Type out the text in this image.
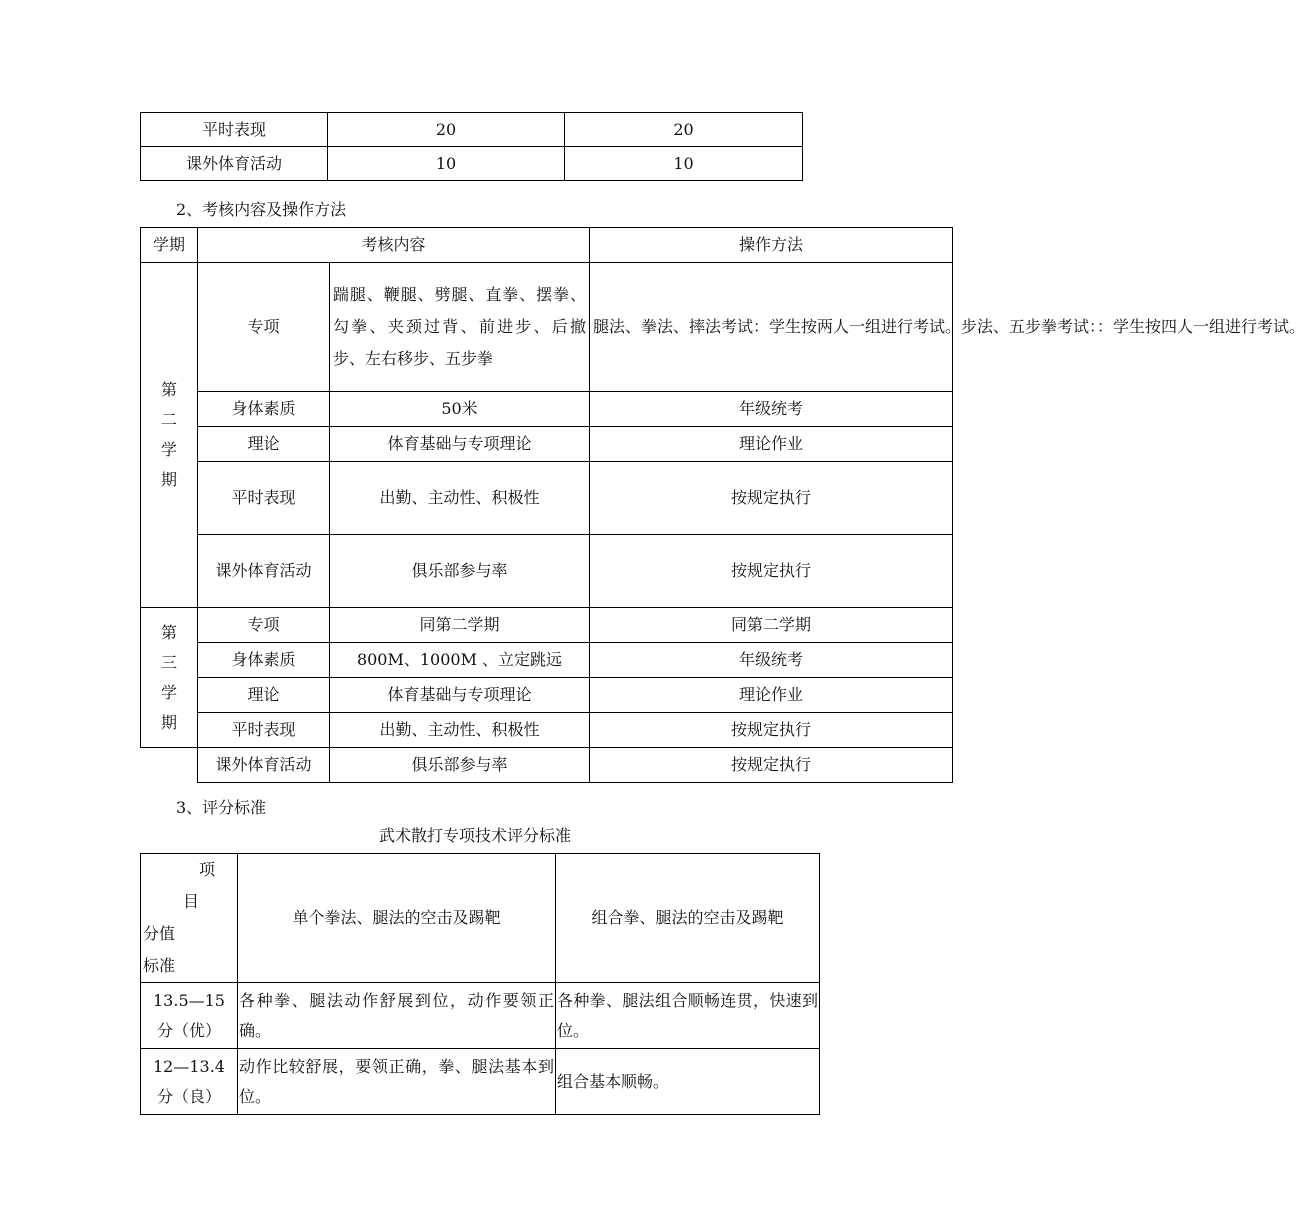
平时表现	20	20
课外体育活动	10	10

2、考核内容及操作方法

学期	考核内容		操作方法

第
二
学
期	专项	踹腿、鞭腿、劈腿、直拳、摆拳、勾拳、夹颈过背、前进步、后撤步、左右移步、五步拳	腿法、拳法、摔法考试：学生按两人一组进行考试。步法、五步拳考试：：学生按四人一组进行考试。
	身体素质	50米	年级统考
	理论	体育基础与专项理论	理论作业
	平时表现	出勤、主动性、积极性	按规定执行
	课外体育活动	俱乐部参与率	按规定执行

第
三
学
期	专项	同第二学期	同第二学期
	身体素质	800M、1000M 、立定跳远	年级统考
	理论	体育基础与专项理论	理论作业
	平时表现	出勤、主动性、积极性	按规定执行
	课外体育活动	俱乐部参与率	按规定执行

3、评分标准

武术散打专项技术评分标准

项
目
分值
标准	单个拳法、腿法的空击及踢靶	组合拳、腿法的空击及踢靶

13.5—15
分（优）	各种拳、腿法动作舒展到位，动作要领正确。	各种拳、腿法组合顺畅连贯，快速到位。

12—13.4
分（良）	动作比较舒展，要领正确，拳、腿法基本到位。	组合基本顺畅。
